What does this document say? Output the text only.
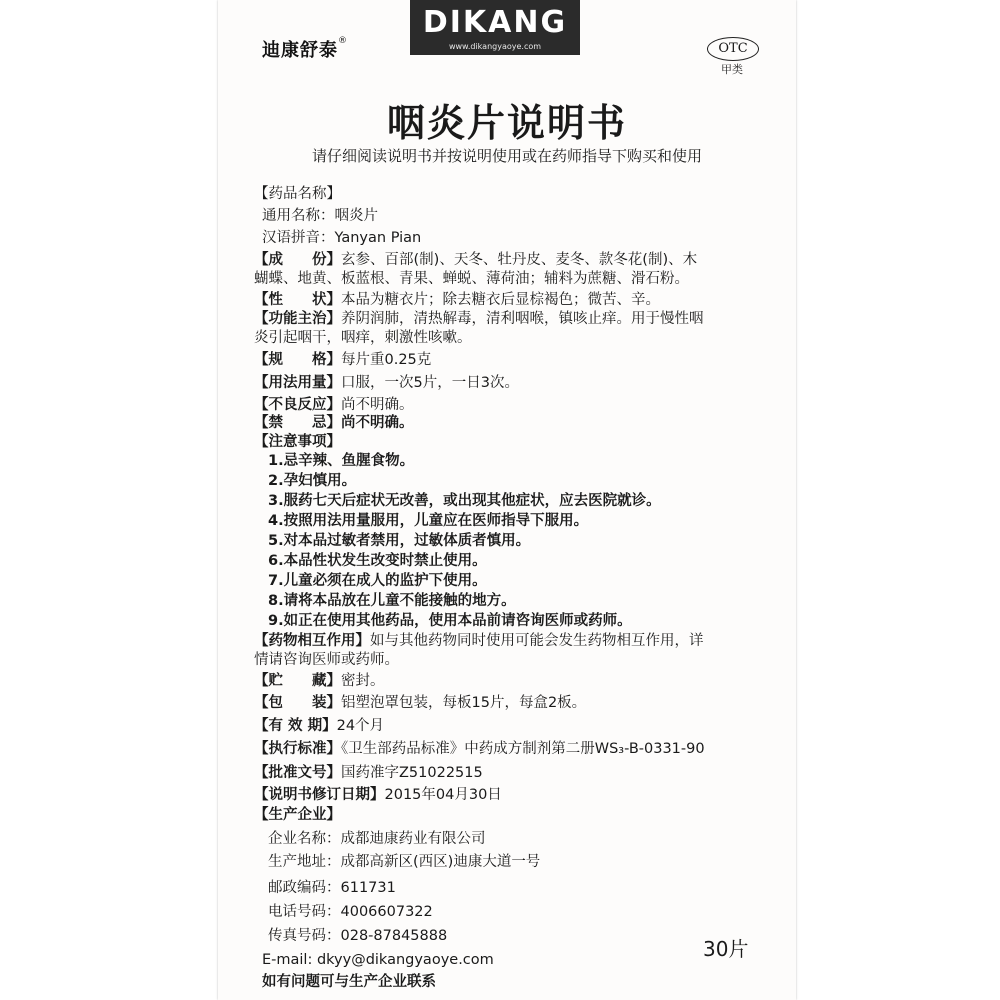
DIKANG
www.dikangyaoye.com
迪康舒泰®	OTC
甲类
咽炎片说明书
请仔细阅读说明书并按说明使用或在药师指导下购买和使用
【药品名称】
通用名称：咽炎片
汉语拼音：Yanyan Pian
【成　　份】玄参、百部(制)、天冬、牡丹皮、麦冬、款冬花(制)、木
蝴蝶、地黄、板蓝根、青果、蝉蜕、薄荷油；辅料为蔗糖、滑石粉。
【性　　状】本品为糖衣片；除去糖衣后显棕褐色；微苦、辛。
【功能主治】养阴润肺，清热解毒，清利咽喉，镇咳止痒。用于慢性咽
炎引起咽干，咽痒，刺激性咳嗽。
【规　　格】每片重0.25克
【用法用量】口服，一次5片，一日3次。
【不良反应】尚不明确。
【禁　　忌】尚不明确。
【注意事项】
1.忌辛辣、鱼腥食物。
2.孕妇慎用。
3.服药七天后症状无改善，或出现其他症状，应去医院就诊。
4.按照用法用量服用，儿童应在医师指导下服用。
5.对本品过敏者禁用，过敏体质者慎用。
6.本品性状发生改变时禁止使用。
7.儿童必须在成人的监护下使用。
8.请将本品放在儿童不能接触的地方。
9.如正在使用其他药品，使用本品前请咨询医师或药师。
【药物相互作用】如与其他药物同时使用可能会发生药物相互作用，详
情请咨询医师或药师。
【贮　　藏】密封。
【包　　装】铝塑泡罩包装，每板15片，每盒2板。
【有 效 期】24个月
【执行标准】《卫生部药品标准》中药成方制剂第二册WS₃-B-0331-90
【批准文号】国药准字Z51022515
【说明书修订日期】2015年04月30日
【生产企业】
企业名称：成都迪康药业有限公司
生产地址：成都高新区(西区)迪康大道一号
邮政编码：611731
电话号码：4006607322
传真号码：028-87845888
E-mail: dkyy@dikangyaoye.com
如有问题可与生产企业联系
30片
